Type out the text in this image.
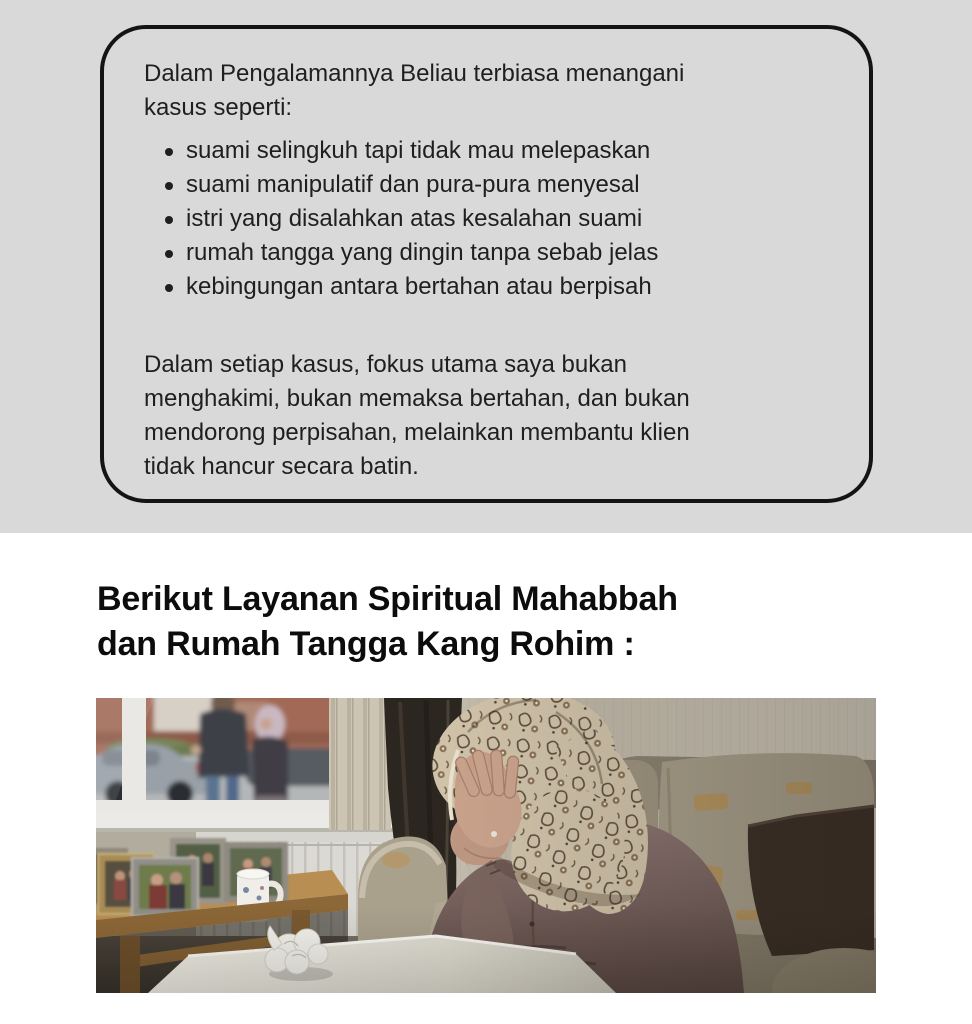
Dalam Pengalamannya Beliau terbiasa menangani
kasus seperti:
suami selingkuh tapi tidak mau melepaskan
suami manipulatif dan pura-pura menyesal
istri yang disalahkan atas kesalahan suami
rumah tangga yang dingin tanpa sebab jelas
kebingungan antara bertahan atau berpisah
Dalam setiap kasus, fokus utama saya bukan
menghakimi, bukan memaksa bertahan, dan bukan
mendorong perpisahan, melainkan membantu klien
tidak hancur secara batin.
Berikut Layanan Spiritual Mahabbah
dan Rumah Tangga Kang Rohim :
